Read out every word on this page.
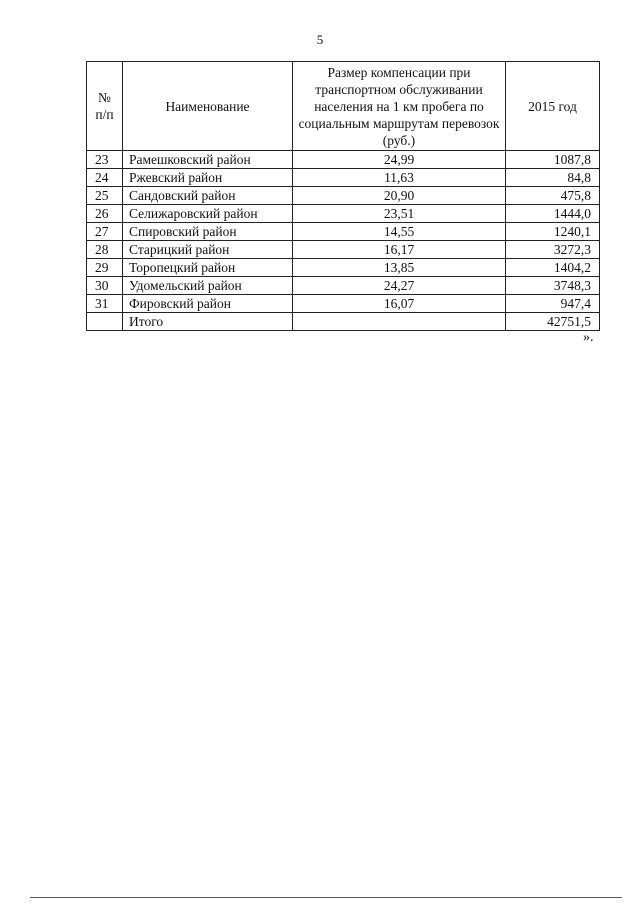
5
№ п/п	Наименование	Размер компенсации при транспортном обслуживании населения на 1 км пробега по социальным маршрутам перевозок (руб.)	2015 год
23	Рамешковский район	24,99	1087,8
24	Ржевский район	11,63	84,8
25	Сандовский район	20,90	475,8
26	Селижаровский район	23,51	1444,0
27	Спировский район	14,55	1240,1
28	Старицкий район	16,17	3272,3
29	Торопецкий район	13,85	1404,2
30	Удомельский район	24,27	3748,3
31	Фировский район	16,07	947,4
	Итого		42751,5
».
